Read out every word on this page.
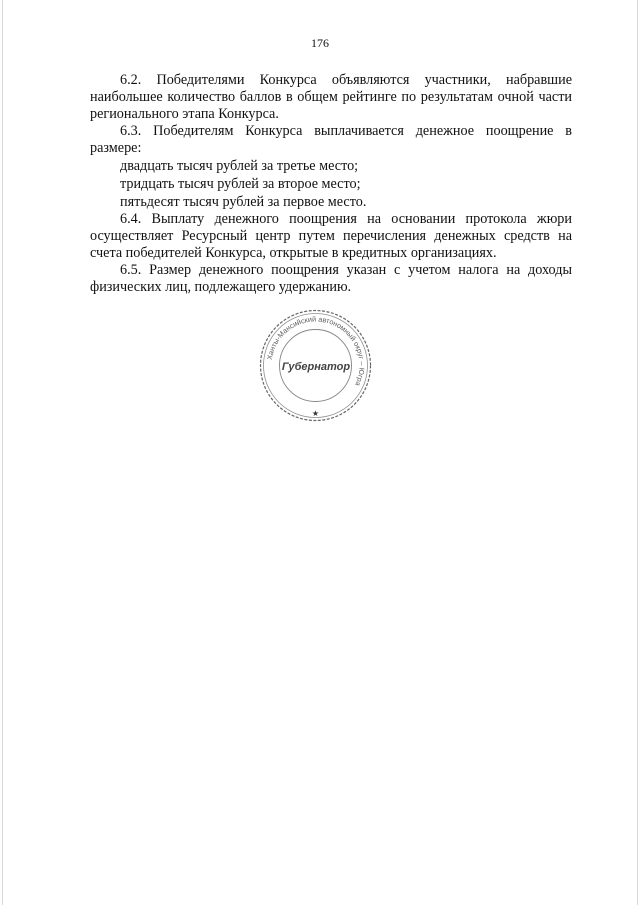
176

6.2. Победителями Конкурса объявляются участники, набравшие наибольшее количество баллов в общем рейтинге по результатам очной части регионального этапа Конкурса.

6.3. Победителям Конкурса выплачивается денежное поощрение в размере:

двадцать тысяч рублей за третье место;

тридцать тысяч рублей за второе место;

пятьдесят тысяч рублей за первое место.

6.4. Выплату денежного поощрения на основании протокола жюри осуществляет Ресурсный центр путем перечисления денежных средств на счета победителей Конкурса, открытые в кредитных организациях.

6.5. Размер денежного поощрения указан с учетом налога на доходы физических лиц, подлежащего удержанию.

Ханты-Мансийский автономный округ – Югра
Губернатор
★
